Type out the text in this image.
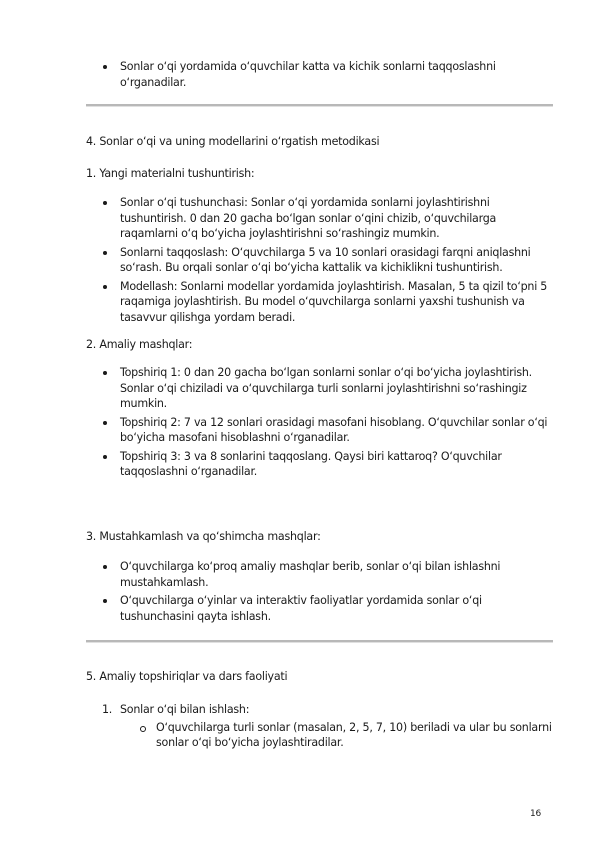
Sonlar o‘qi yordamida o‘quvchilar katta va kichik sonlarni taqqoslashni o‘rganadilar.

4. Sonlar o‘qi va uning modellarini o‘rgatish metodikasi

1. Yangi materialni tushuntirish:

Sonlar o‘qi tushunchasi: Sonlar o‘qi yordamida sonlarni joylashtirishni tushuntirish. 0 dan 20 gacha bo‘lgan sonlar o‘qini chizib, o‘quvchilarga raqamlarni o‘q bo‘yicha joylashtirishni so‘rashingiz mumkin.
Sonlarni taqqoslash: O‘quvchilarga 5 va 10 sonlari orasidagi farqni aniqlashni so‘rash. Bu orqali sonlar o‘qi bo‘yicha kattalik va kichiklikni tushuntirish.
Modellash: Sonlarni modellar yordamida joylashtirish. Masalan, 5 ta qizil to‘pni 5 raqamiga joylashtirish. Bu model o‘quvchilarga sonlarni yaxshi tushunish va tasavvur qilishga yordam beradi.

2. Amaliy mashqlar:

Topshiriq 1: 0 dan 20 gacha bo‘lgan sonlarni sonlar o‘qi bo‘yicha joylashtirish. Sonlar o‘qi chiziladi va o‘quvchilarga turli sonlarni joylashtirishni so‘rashingiz mumkin.
Topshiriq 2: 7 va 12 sonlari orasidagi masofani hisoblang. O‘quvchilar sonlar o‘qi bo‘yicha masofani hisoblashni o‘rganadilar.
Topshiriq 3: 3 va 8 sonlarini taqqoslang. Qaysi biri kattaroq? O‘quvchilar taqqoslashni o‘rganadilar.

3. Mustahkamlash va qo‘shimcha mashqlar:

O‘quvchilarga ko‘proq amaliy mashqlar berib, sonlar o‘qi bilan ishlashni mustahkamlash.
O‘quvchilarga o‘yinlar va interaktiv faoliyatlar yordamida sonlar o‘qi tushunchasini qayta ishlash.

5. Amaliy topshiriqlar va dars faoliyati

1. Sonlar o‘qi bilan ishlash:
O‘quvchilarga turli sonlar (masalan, 2, 5, 7, 10) beriladi va ular bu sonlarni sonlar o‘qi bo‘yicha joylashtiradilar.
16
